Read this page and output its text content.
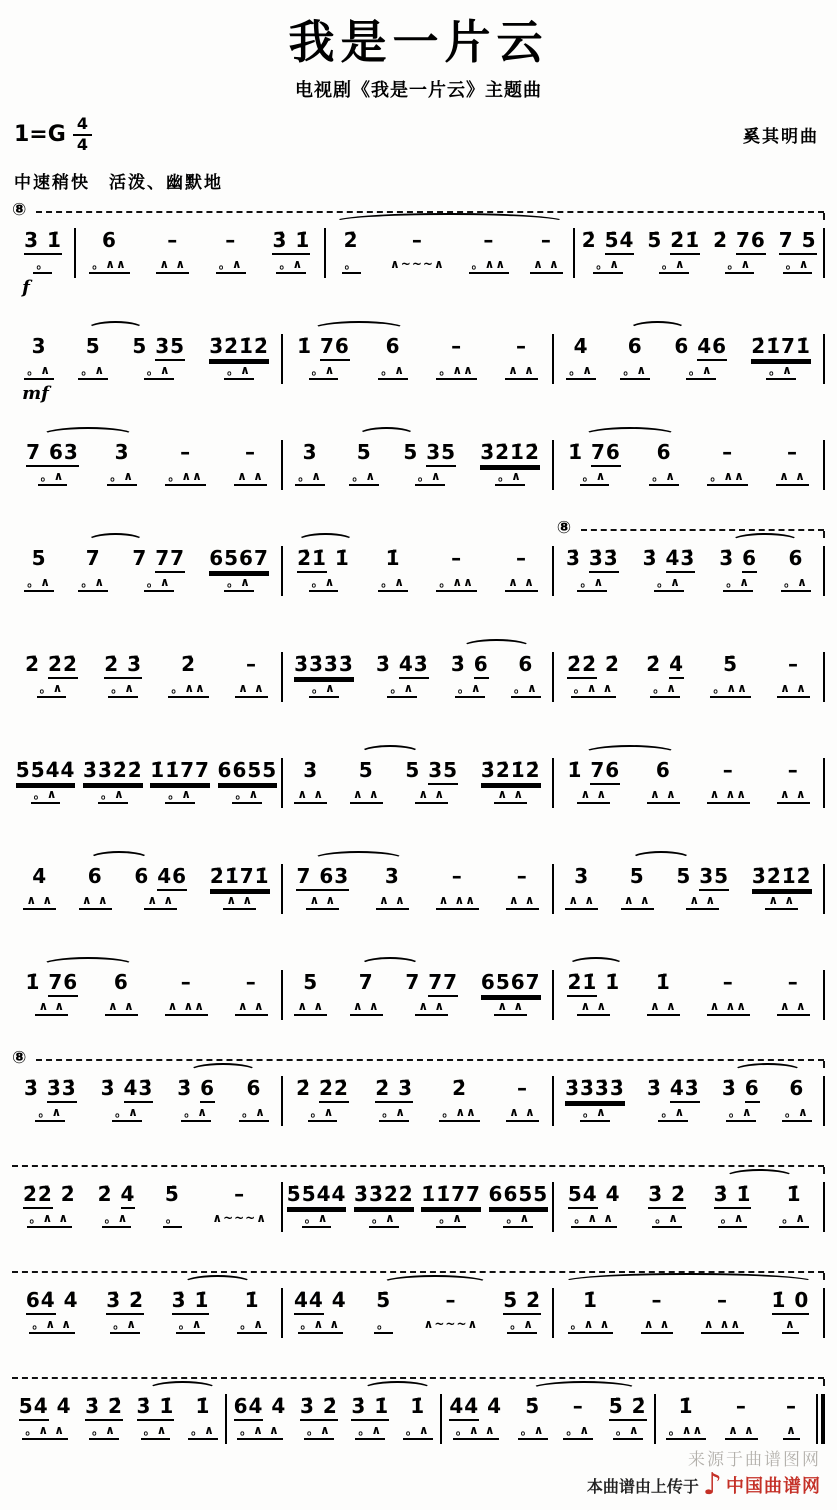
我是一片云
电视剧《我是一片云》主题曲
$1=G \frac{4}{4}$	奚其明曲
中速稍快　活泼、幽默地
⑧
3 1̇
。
f
6
。∧∧
–
∧ ∧
–
。∧
3̇ 1̇
。∧
2̇
。
–
∧~~~∧
–
。∧∧
–
∧ ∧
2̇ 5̇4̇
。∧
5̇ 2̇1̇
。∧
2̇ 76
。∧
7 5
。∧
3
。∧
mf
5
。∧
5 35
。∧
3̇2̇1̇2̇
。∧
1̇ 76
。∧
6
。∧
–
。∧∧
–
∧ ∧
4
。∧
6
。∧
6 46
。∧
2̇1̇71̇
。∧
7 63
。∧
3
。∧
–
。∧∧
–
∧ ∧
3
。∧
5
。∧
5 35
。∧
3̇2̇1̇2̇
。∧
1̇ 76
。∧
6
。∧
–
。∧∧
–
∧ ∧
⑧
5
。∧
7
。∧
7 77
。∧
6567
。∧
2̇1̇ 1̇
。∧
1̇
。∧
–
。∧∧
–
∧ ∧
3̇ 3̇3̇
。∧
3̇ 4̇3̇
。∧
3̇ 6
。∧
6
。∧
2̇ 2̇2̇
。∧
2̇ 3̇
。∧
2̇
。∧∧
–
∧ ∧
3̇3̇3̇3̇
。∧
3̇ 4̇3̇
。∧
3̇ 6
。∧
6
。∧
2̇2̇ 2̇
。∧ ∧
2̇ 4̇
。∧
5̇
。∧∧
–
∧ ∧
5̇5̇4̇4̇
。∧
3̇3̇2̇2̇
。∧
1̇1̇77
。∧
6655
。∧
3
∧ ∧
5
∧ ∧
5 35
∧ ∧
3̇2̇1̇2̇
∧ ∧
1̇ 76
∧ ∧
6
∧ ∧
–
∧ ∧∧
–
∧ ∧
4
∧ ∧
6
∧ ∧
6 46
∧ ∧
2̇1̇71̇
∧ ∧
7 63
∧ ∧
3
∧ ∧
–
∧ ∧∧
–
∧ ∧
3
∧ ∧
5
∧ ∧
5 35
∧ ∧
3̇2̇1̇2̇
∧ ∧
1̇ 76
∧ ∧
6
∧ ∧
–
∧ ∧∧
–
∧ ∧
5
∧ ∧
7
∧ ∧
7 77
∧ ∧
6567
∧ ∧
2̇1̇ 1̇
∧ ∧
1̇
∧ ∧
–
∧ ∧∧
–
∧ ∧
⑧
3̇ 3̇3̇
。∧
3̇ 4̇3̇
。∧
3̇ 6
。∧
6
。∧
2̇ 2̇2̇
。∧
2̇ 3̇
。∧
2̇
。∧∧
–
∧ ∧
3̇3̇3̇3̇
。∧
3̇ 4̇3̇
。∧
3̇ 6
。∧
6
。∧
2̇2̇ 2̇
。∧ ∧
2̇ 4̇
。∧
5̇
。
–
∧~~~∧
5̇5̇4̇4̇
。∧
3̇3̇2̇2̇
。∧
1̇1̇77
。∧
6655
。∧
54̇ 4̇
。∧ ∧
3̇ 2̇
。∧
3̇ 1̇
。∧
1̇
。∧
64̇ 4̇
。∧ ∧
3̇ 2̇
。∧
3̇ 1̇
。∧
1̇
。∧
4̇4̇ 4̇
。∧ ∧
5̇
。
–
∧~~~∧
5̇ 2̇
。∧
1̇
。∧ ∧
–
∧ ∧
–
∧ ∧∧
1̇ 0
∧
54̇ 4̇
。∧ ∧
3̇ 2̇
。∧
3̇ 1̇
。∧
1̇
。∧
64̇ 4̇
。∧ ∧
3̇ 2̇
。∧
3̇ 1̇
。∧
1̇
。∧
4̇4̇ 4̇
。∧ ∧
5̇
。∧
–
。∧
5̇ 2̇
。∧
1̇
。∧∧
–
∧ ∧
–
∧
来源于曲谱图网
本曲谱由上传于 ♪ 中国曲谱网
